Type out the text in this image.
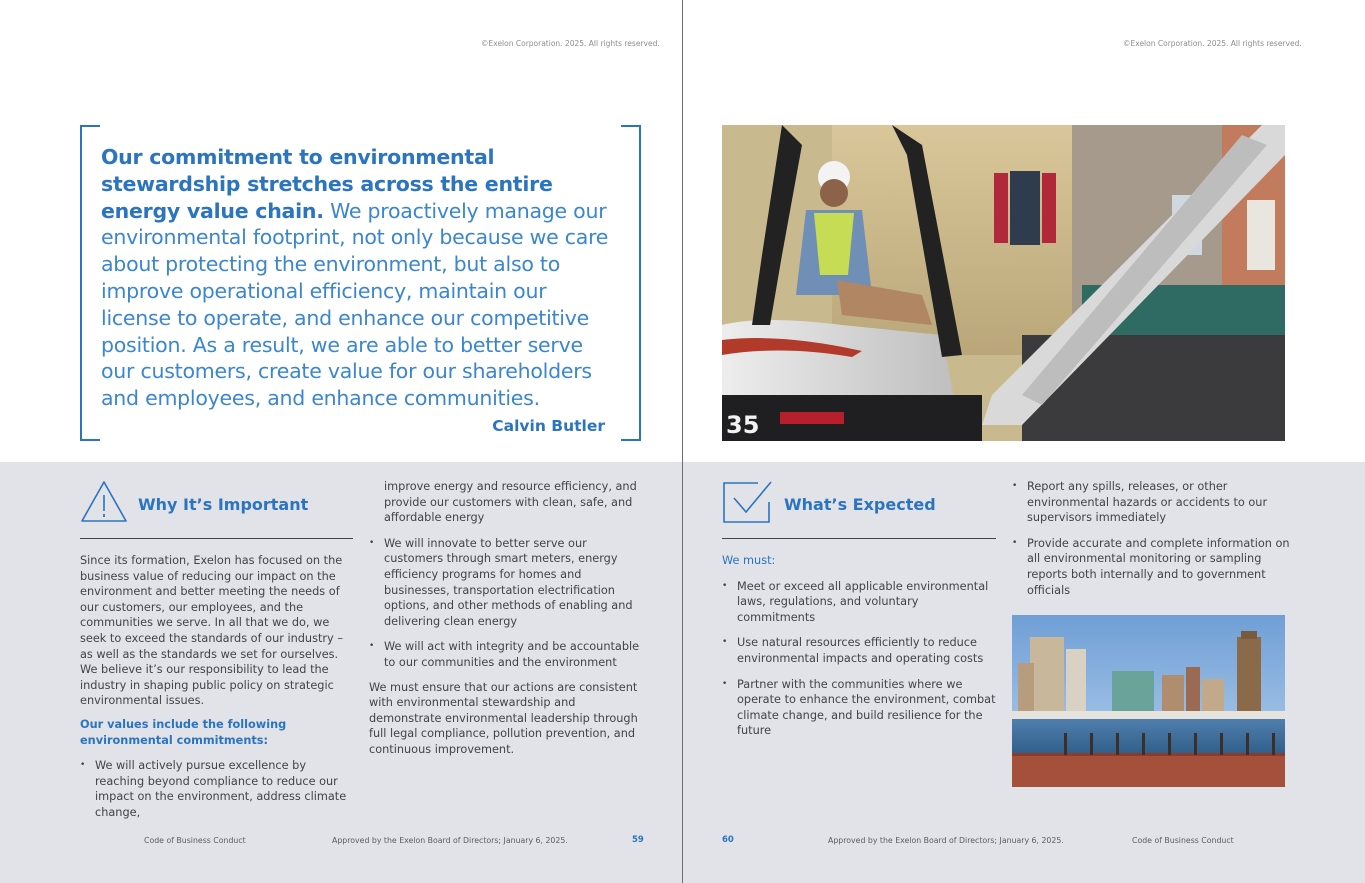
©Exelon Corporation. 2025. All rights reserved.
Our commitment to environmental stewardship stretches across the entire energy value chain. We proactively manage our environmental footprint, not only because we care about protecting the environment, but also to improve operational efficiency, maintain our license to operate, and enhance our competitive position. As a result, we are able to better serve our customers, create value for our shareholders and employees, and enhance communities.
Calvin Butler
Why It’s Important

Since its formation, Exelon has focused on the business value of reducing our impact on the environment and better meeting the needs of our customers, our employees, and the communities we serve. In all that we do, we seek to exceed the standards of our industry – as well as the standards we set for ourselves. We believe it’s our responsibility to lead the industry in shaping public policy on strategic environmental issues.

Our values include the following environmental commitments:

• We will actively pursue excellence by reaching beyond compliance to reduce our impact on the environment, address climate change,

improve energy and resource efficiency, and provide our customers with clean, safe, and affordable energy

• We will innovate to better serve our customers through smart meters, energy efficiency programs for homes and businesses, transportation electrification options, and other methods of enabling and delivering clean energy
• We will act with integrity and be accountable to our communities and the environment

We must ensure that our actions are consistent with environmental stewardship and demonstrate environmental leadership through full legal compliance, pollution prevention, and continuous improvement.

Code of Business Conduct	Approved by the Exelon Board of Directors; January 6, 2025.	59
©Exelon Corporation. 2025. All rights reserved.
35
What’s Expected

We must:

• Meet or exceed all applicable environmental laws, regulations, and voluntary commitments
• Use natural resources efficiently to reduce environmental impacts and operating costs
• Partner with the communities where we operate to enhance the environment, combat climate change, and build resilience for the future
• Report any spills, releases, or other environmental hazards or accidents to our supervisors immediately
• Provide accurate and complete information on all environmental monitoring or sampling reports both internally and to government officials
60	Approved by the Exelon Board of Directors; January 6, 2025.	Code of Business Conduct
